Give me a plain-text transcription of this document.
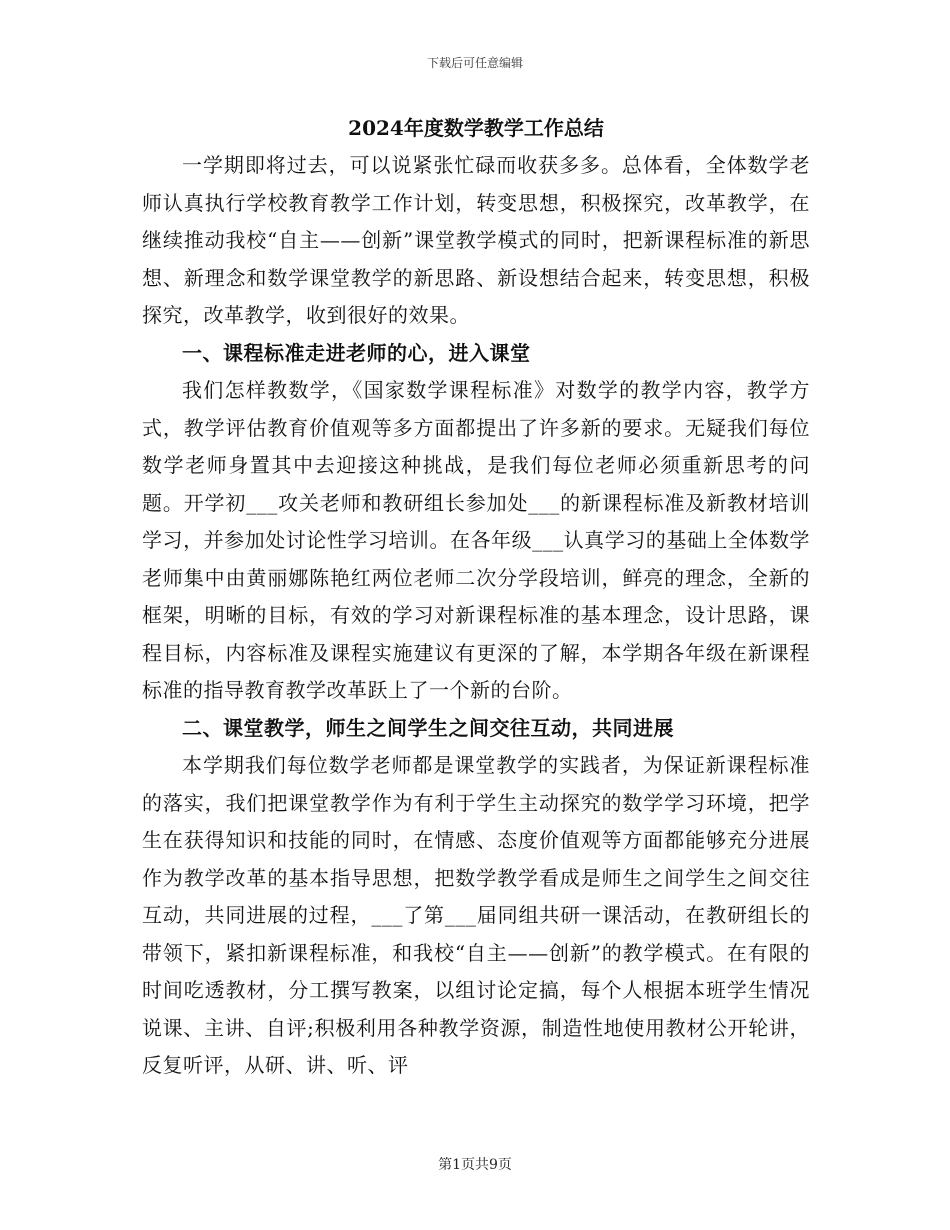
下载后可任意编辑
2024年度数学教学工作总结

一学期即将过去，可以说紧张忙碌而收获多多。总体看，全体数学老师认真执行学校教育教学工作计划，转变思想，积极探究，改革教学，在继续推动我校“自主——创新”课堂教学模式的同时，把新课程标准的新思想、新理念和数学课堂教学的新思路、新设想结合起来，转变思想，积极探究，改革教学，收到很好的效果。

一、课程标准走进老师的心，进入课堂

我们怎样教数学，《国家数学课程标准》对数学的教学内容，教学方式，教学评估教育价值观等多方面都提出了许多新的要求。无疑我们每位数学老师身置其中去迎接这种挑战，是我们每位老师必须重新思考的问题。开学初___攻关老师和教研组长参加处___的新课程标准及新教材培训学习，并参加处讨论性学习培训。在各年级___认真学习的基础上全体数学老师集中由黄丽娜陈艳红两位老师二次分学段培训，鲜亮的理念，全新的框架，明晰的目标，有效的学习对新课程标准的基本理念，设计思路，课程目标，内容标准及课程实施建议有更深的了解，本学期各年级在新课程标准的指导教育教学改革跃上了一个新的台阶。

二、课堂教学，师生之间学生之间交往互动，共同进展

本学期我们每位数学老师都是课堂教学的实践者，为保证新课程标准的落实，我们把课堂教学作为有利于学生主动探究的数学学习环境，把学生在获得知识和技能的同时，在情感、态度价值观等方面都能够充分进展作为教学改革的基本指导思想，把数学教学看成是师生之间学生之间交往互动，共同进展的过程，___了第___届同组共研一课活动，在教研组长的带领下，紧扣新课程标准，和我校“自主——创新”的教学模式。在有限的时间吃透教材，分工撰写教案，以组讨论定搞，每个人根据本班学生情况说课、主讲、自评;积极利用各种教学资源，制造性地使用教材公开轮讲，反复听评，从研、讲、听、评

第1页共9页
